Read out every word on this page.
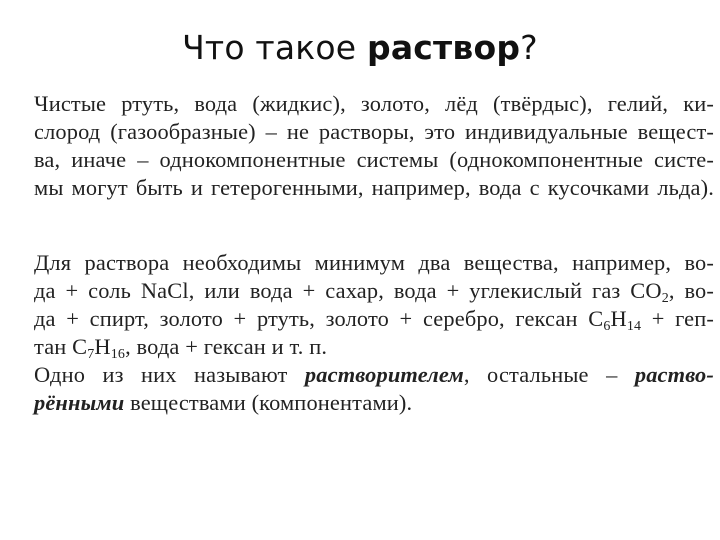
Что такое раствор?
Чистыe ртуть, вода (жидкис), золото, лёд (твёрдыс), гелий, ки-
слород (газообразные) – не растворы, это индивидуальные вещест-
ва, иначе – однокомпонентные системы (однокомпонентные систе-
мы могут быть и гетерогенными, например, вода с кусочками льда).
Для раствора необходимы минимум два вещества, например, во-
да + соль NaCl, или вода + сахар, вода + углекислый газ $CO_2$, во-
да + спирт, золото + ртуть, золото + серебро, гексан $C_6H_{14} + геп-$
тан $C_7H_{16}$, вода + гексан и т. п.
Одно из них называют растворителем, остальные – раство-
рёнными веществами (компонентами).
